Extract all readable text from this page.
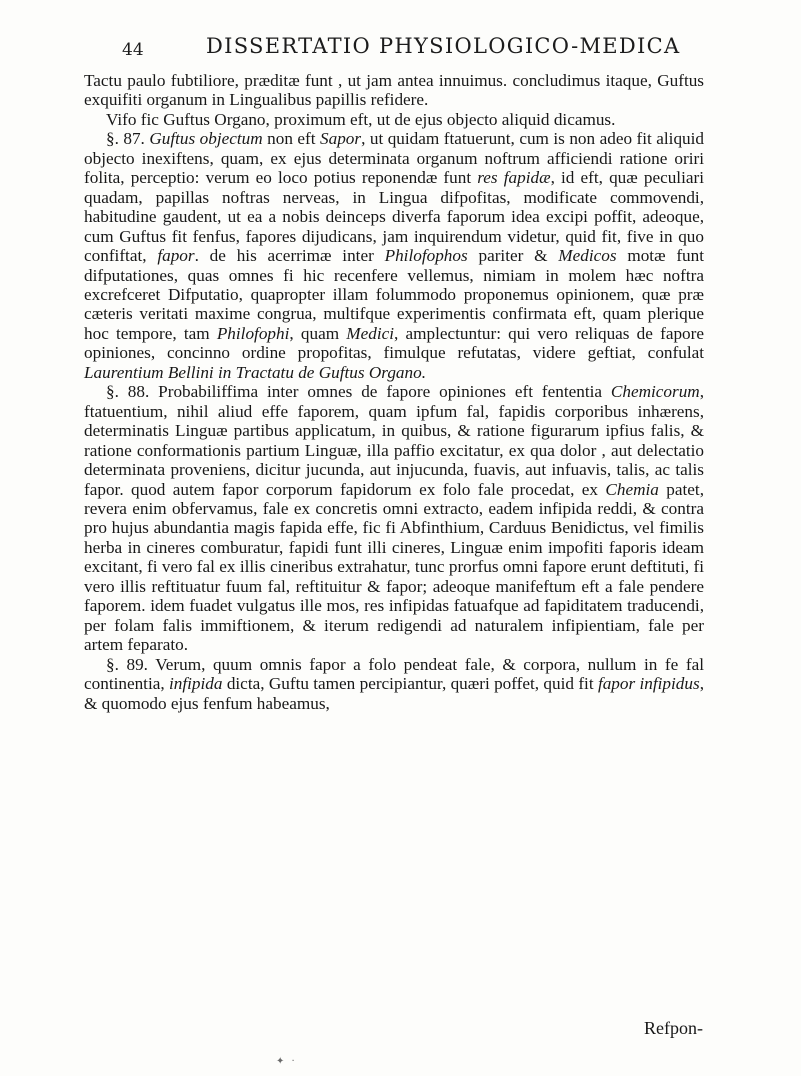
44	DISSERTATIO PHYSIOLOGICO-MEDICA

Tactu paulo fubtiliore, præditæ funt , ut jam antea innuimus. concludimus itaque, Guftus exquifiti organum in Lingualibus papillis refidere.

Vifo fic Guftus Organo, proximum eft, ut de ejus objecto aliquid dicamus.

§. 87. Guftus objectum non eft Sapor, ut quidam ftatuerunt, cum is non adeo fit aliquid objecto inexiftens, quam, ex ejus determinata organum noftrum afficiendi ratione oriri folita, perceptio: verum eo loco potius reponendæ funt res fapidæ, id eft, quæ peculiari quadam, papillas noftras nerveas, in Lingua difpofitas, modificate commovendi, habitudine gaudent, ut ea a nobis deinceps diverfa faporum idea excipi poffit, adeoque, cum Guftus fit fenfus, fapores dijudicans, jam inquirendum videtur, quid fit, five in quo confiftat, fapor. de his acerrimæ inter Philofophos pariter & Medicos motæ funt difputationes, quas omnes fi hic recenfere vellemus, nimiam in molem hæc noftra excrefceret Difputatio, quapropter illam folummodo proponemus opinionem, quæ præ cæteris veritati maxime congrua, multifque experimentis confirmata eft, quam plerique hoc tempore, tam Philofophi, quam Medici, amplectuntur: qui vero reliquas de fapore opiniones, concinno ordine propofitas, fimulque refutatas, videre geftiat, confulat Laurentium Bellini in Tractatu de Guftus Organo.

§. 88. Probabiliffima inter omnes de fapore opiniones eft fententia Chemicorum, ftatuentium, nihil aliud effe faporem, quam ipfum fal, fapidis corporibus inhærens, determinatis Linguæ partibus applicatum, in quibus, & ratione figurarum ipfius falis, & ratione conformationis partium Linguæ, illa paffio excitatur, ex qua dolor , aut delectatio determinata proveniens, dicitur jucunda, aut injucunda, fuavis, aut infuavis, talis, ac talis fapor. quod autem fapor corporum fapidorum ex folo fale procedat, ex Chemia patet, revera enim obfervamus, fale ex concretis omni extracto, eadem infipida reddi, & contra pro hujus abundantia magis fapida effe, fic fi Abfinthium, Carduus Benidictus, vel fimilis herba in cineres comburatur, fapidi funt illi cineres, Linguæ enim impofiti faporis ideam excitant, fi vero fal ex illis cineribus extrahatur, tunc prorfus omni fapore erunt deftituti, fi vero illis reftituatur fuum fal, reftituitur & fapor; adeoque manifeftum eft a fale pendere faporem. idem fuadet vulgatus ille mos, res infipidas fatuafque ad fapiditatem traducendi, per folam falis immiftionem, & iterum redigendi ad naturalem infipientiam, fale per artem feparato.

§. 89. Verum, quum omnis fapor a folo pendeat fale, & corpora, nullum in fe fal continentia, infipida dicta, Guftu tamen percipiantur, quæri poffet, quid fit fapor infipidus, & quomodo ejus fenfum habeamus,

Refpon-
✦ ·
